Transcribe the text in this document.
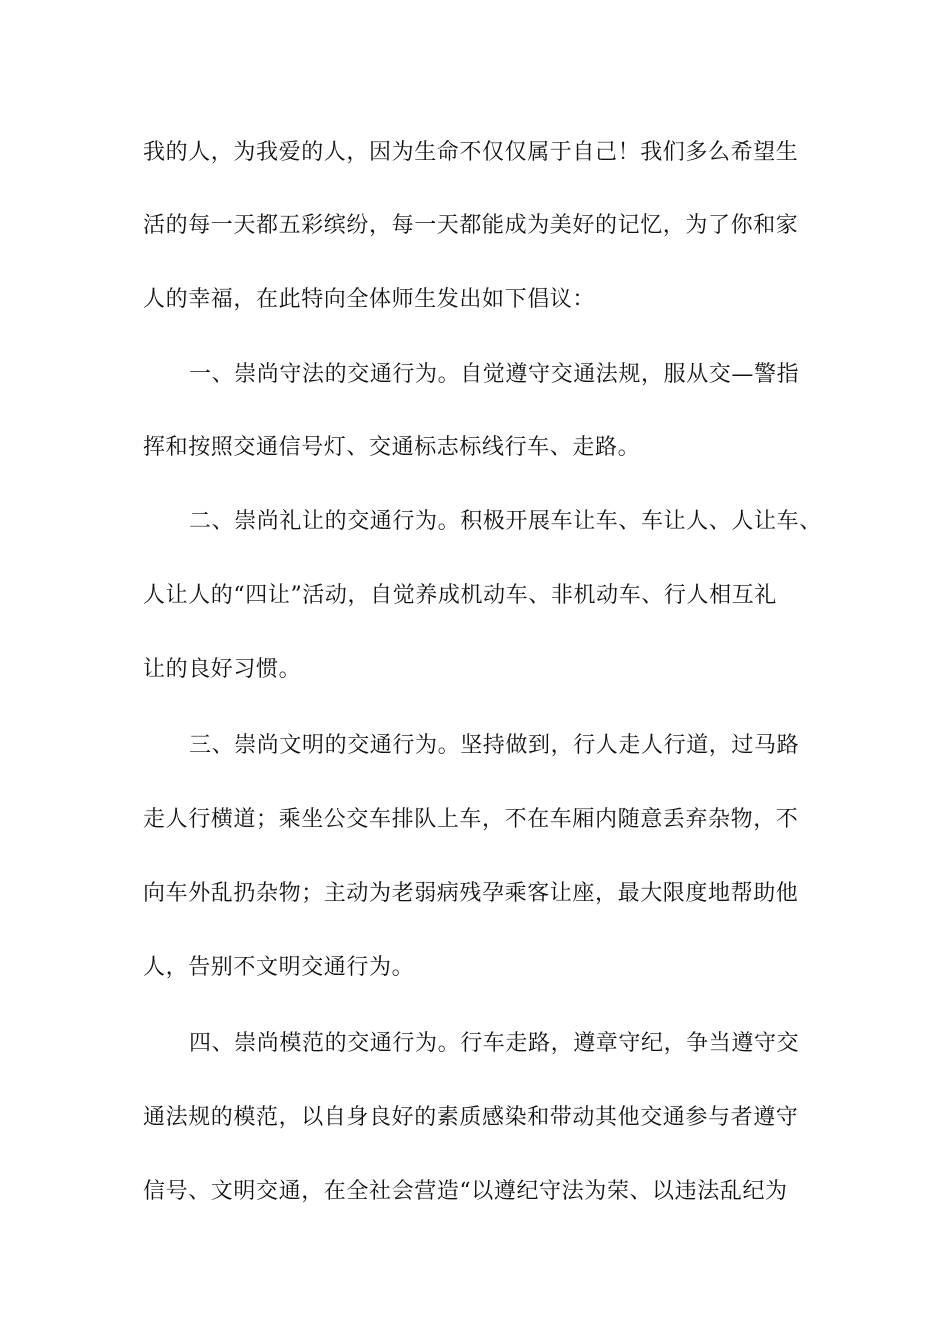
我的人，为我爱的人，因为生命不仅仅属于自己！我们多么希望生
活的每一天都五彩缤纷，每一天都能成为美好的记忆，为了你和家
人的幸福，在此特向全体师生发出如下倡议：
一、崇尚守法的交通行为。自觉遵守交通法规，服从交—警指
挥和按照交通信号灯、交通标志标线行车、走路。
二、崇尚礼让的交通行为。积极开展车让车、车让人、人让车、
人让人的“四让”活动，自觉养成机动车、非机动车、行人相互礼
让的良好习惯。
三、崇尚文明的交通行为。坚持做到，行人走人行道，过马路
走人行横道；乘坐公交车排队上车，不在车厢内随意丢弃杂物，不
向车外乱扔杂物；主动为老弱病残孕乘客让座，最大限度地帮助他
人，告别不文明交通行为。
四、崇尚模范的交通行为。行车走路，遵章守纪，争当遵守交
通法规的模范，以自身良好的素质感染和带动其他交通参与者遵守
信号、文明交通，在全社会营造“以遵纪守法为荣、以违法乱纪为
